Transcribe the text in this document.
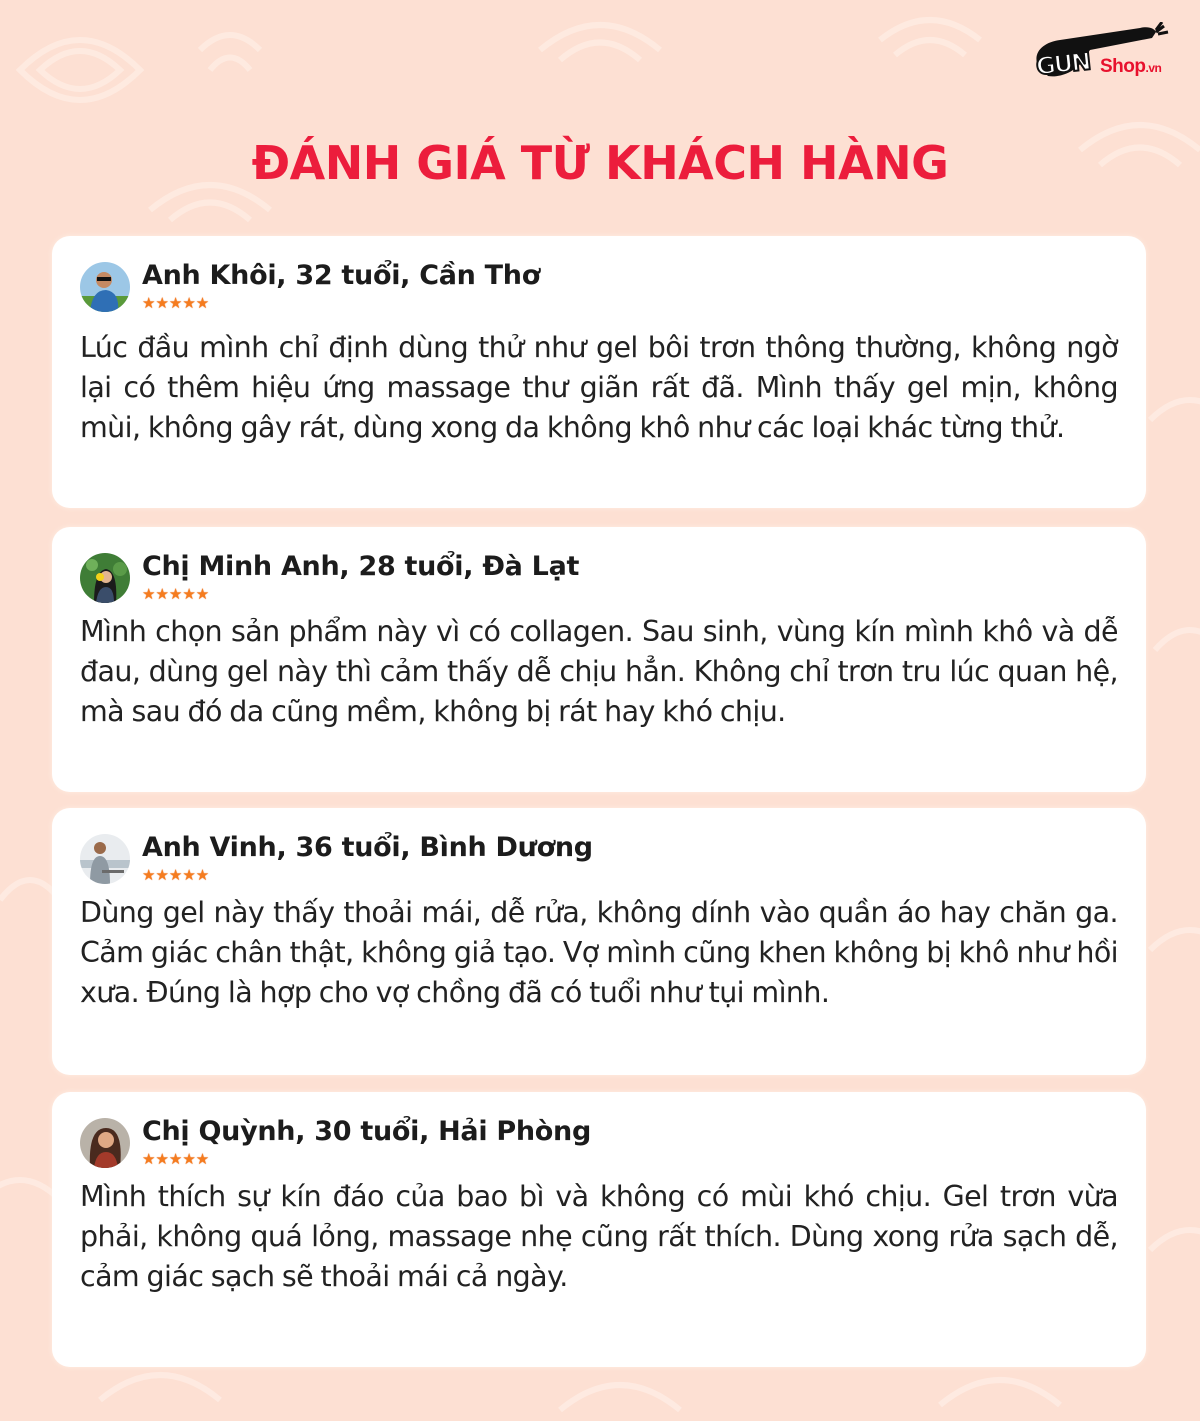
GUN Shop.vn
ĐÁNH GIÁ TỪ KHÁCH HÀNG
Anh Khôi, 32 tuổi, Cần Thơ
★★★★★

Lúc đầu mình chỉ định dùng thử như gel bôi trơn thông thường, không ngờ lại có thêm hiệu ứng massage thư giãn rất đã. Mình thấy gel mịn, không mùi, không gây rát, dùng xong da không khô như các loại khác từng thử.

Chị Minh Anh, 28 tuổi, Đà Lạt
★★★★★

Mình chọn sản phẩm này vì có collagen. Sau sinh, vùng kín mình khô và dễ đau, dùng gel này thì cảm thấy dễ chịu hẳn. Không chỉ trơn tru lúc quan hệ, mà sau đó da cũng mềm, không bị rát hay khó chịu.

Anh Vinh, 36 tuổi, Bình Dương
★★★★★

Dùng gel này thấy thoải mái, dễ rửa, không dính vào quần áo hay chăn ga. Cảm giác chân thật, không giả tạo. Vợ mình cũng khen không bị khô như hồi xưa. Đúng là hợp cho vợ chồng đã có tuổi như tụi mình.

Chị Quỳnh, 30 tuổi, Hải Phòng
★★★★★

Mình thích sự kín đáo của bao bì và không có mùi khó chịu. Gel trơn vừa phải, không quá lỏng, massage nhẹ cũng rất thích. Dùng xong rửa sạch dễ, cảm giác sạch sẽ thoải mái cả ngày.
